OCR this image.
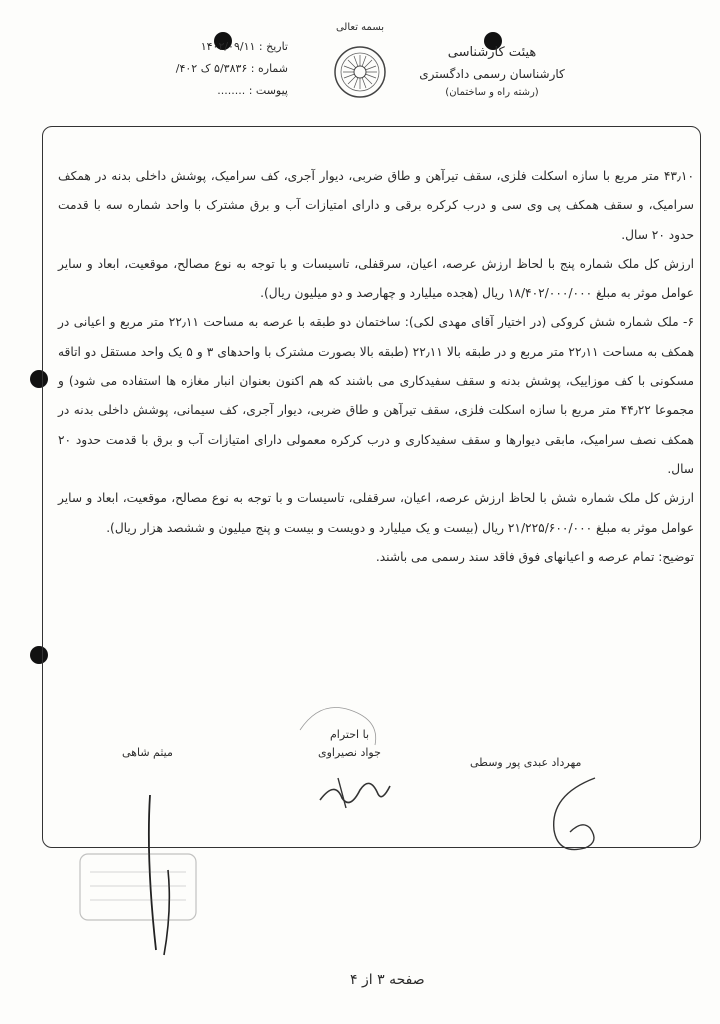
تاریخ : ۱۴۰۲/۰۹/۱۱
شماره : ۵/۳۸۳۶ ک ۴۰۲/
پیوست : ........
بسمه تعالی
هیئت کارشناسی
کارشناسان رسمی دادگستری
(رشته راه و ساختمان)

۴۳٫۱۰ متر مربع با سازه اسکلت فلزی، سقف تیرآهن و طاق ضربی، دیوار آجری، کف سرامیک، پوشش داخلی بدنه در همکف سرامیک، و سقف همکف پی وی سی و درب کرکره برقی و دارای امتیازات آب و برق مشترک با واحد شماره سه با قدمت حدود ۲۰ سال.

ارزش کل ملک شماره پنج با لحاظ ارزش عرصه، اعیان، سرقفلی، تاسیسات و با توجه به نوع مصالح، موقعیت، ابعاد و سایر عوامل موثر به مبلغ ۱۸/۴۰۲/۰۰۰/۰۰۰ ریال (هجده میلیارد و چهارصد و دو میلیون ریال).

۶- ملک شماره شش کروکی (در اختیار آقای مهدی لکی): ساختمان دو طبقه با عرصه به مساحت ۲۲٫۱۱ متر مربع و اعیانی در همکف به مساحت ۲۲٫۱۱ متر مربع و در طبقه بالا ۲۲٫۱۱ (طبقه بالا بصورت مشترک با واحدهای ۳ و ۵ یک واحد مستقل دو اتاقه مسکونی با کف موزاییک، پوشش بدنه و سقف سفیدکاری می باشند که هم اکنون بعنوان انبار مغازه ها استفاده می شود) و مجموعا ۴۴٫۲۲ متر مربع با سازه اسکلت فلزی، سقف تیرآهن و طاق ضربی، دیوار آجری، کف سیمانی، پوشش داخلی بدنه در همکف نصف سرامیک، مابقی دیوارها و سقف سفیدکاری و درب کرکره معمولی دارای امتیازات آب و برق با قدمت حدود ۲۰ سال.

ارزش کل ملک شماره شش با لحاظ ارزش عرصه، اعیان، سرقفلی، تاسیسات و با توجه به نوع مصالح، موقعیت، ابعاد و سایر عوامل موثر به مبلغ ۲۱/۲۲۵/۶۰۰/۰۰۰ ریال (بیست و یک میلیارد و دویست و بیست و پنج میلیون و ششصد هزار ریال).

توضیح: تمام عرصه و اعیانهای فوق فاقد سند رسمی می باشند.

با احترام
جواد نصیراوی
مهرداد عبدی پور وسطی
میثم شاهی
صفحه ۳ از ۴
